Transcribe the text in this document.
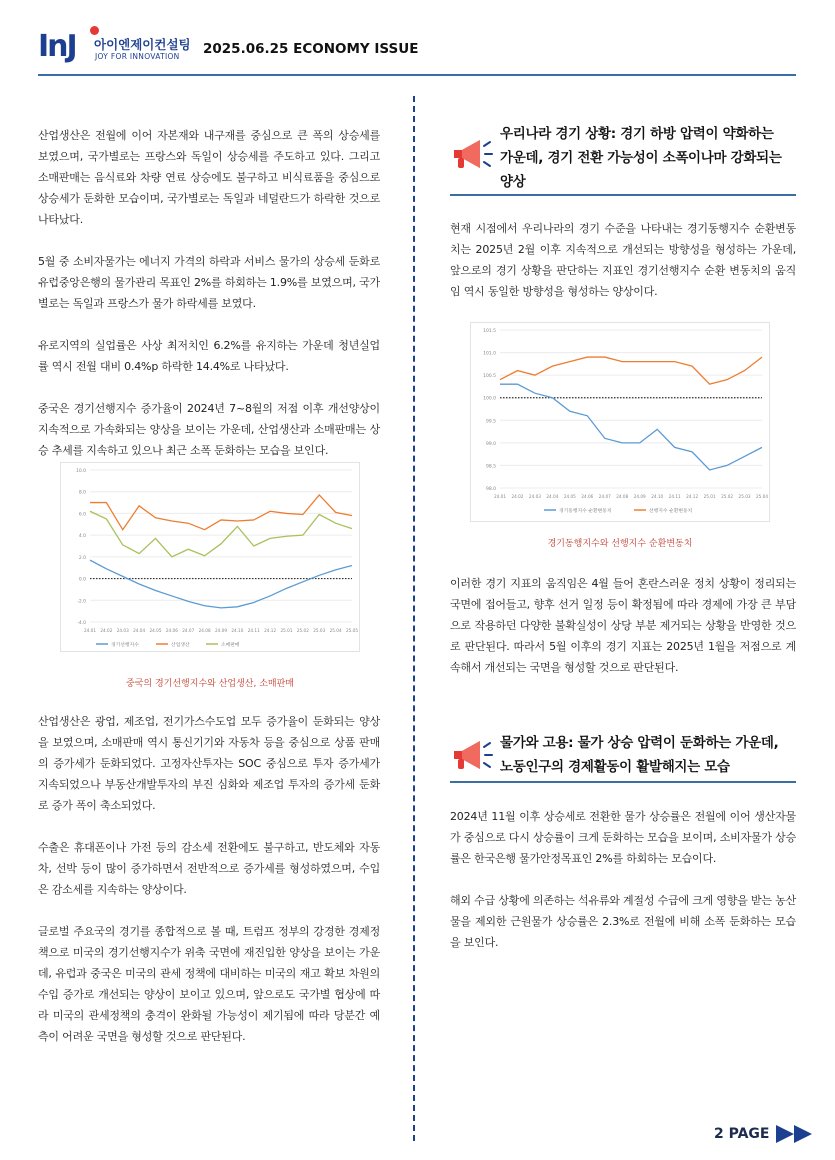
InJ 아이엔제이컨설팅
JOY FOR INNOVATION 2025.06.25 ECONOMY ISSUE

산업생산은 전월에 이어 자본재와 내구재를 중심으로 큰 폭의 상승세를 보였으며, 국가별로는 프랑스와 독일이 상승세를 주도하고 있다. 그리고 소매판매는 음식료와 차량 연료 상승에도 불구하고 비식료품을 중심으로 상승세가 둔화한 모습이며, 국가별로는 독일과 네덜란드가 하락한 것으로 나타났다.

5월 중 소비자물가는 에너지 가격의 하락과 서비스 물가의 상승세 둔화로 유럽중앙은행의 물가관리 목표인 2%를 하회하는 1.9%를 보였으며, 국가별로는 독일과 프랑스가 물가 하락세를 보였다.

유로지역의 실업률은 사상 최저치인 6.2%를 유지하는 가운데 청년실업률 역시 전월 대비 0.4%p 하락한 14.4%로 나타났다.

중국은 경기선행지수 증가율이 2024년 7~8월의 저점 이후 개선양상이 지속적으로 가속화되는 양상을 보이는 가운데, 산업생산과 소매판매는 상승 추세를 지속하고 있으나 최근 소폭 둔화하는 모습을 보인다.

10.0
8.0
6.0
4.0
2.0
0.0
-2.0
-4.0
24.01 24.02 24.03 24.04 24.05 24.06 24.07 24.08 24.09 24.10 24.11 24.12 25.01 25.02 25.03 25.04 25.05
경기선행지수	산업생산	소매판매
중국의 경기선행지수와 산업생산, 소매판매

산업생산은 광업, 제조업, 전기가스수도업 모두 증가율이 둔화되는 양상을 보였으며, 소매판매 역시 통신기기와 자동차 등을 중심으로 상품 판매의 증가세가 둔화되었다. 고정자산투자는 SOC 중심으로 투자 증가세가 지속되었으나 부동산개발투자의 부진 심화와 제조업 투자의 증가세 둔화로 증가 폭이 축소되었다.

수출은 휴대폰이나 가전 등의 감소세 전환에도 불구하고, 반도체와 자동차, 선박 등이 많이 증가하면서 전반적으로 증가세를 형성하였으며, 수입은 감소세를 지속하는 양상이다.

글로벌 주요국의 경기를 종합적으로 볼 때, 트럼프 정부의 강경한 경제정책으로 미국의 경기선행지수가 위축 국면에 재진입한 양상을 보이는 가운데, 유럽과 중국은 미국의 관세 정책에 대비하는 미국의 재고 확보 차원의 수입 증가로 개선되는 양상이 보이고 있으며, 앞으로도 국가별 협상에 따라 미국의 관세정책의 충격이 완화될 가능성이 제기됨에 따라 당분간 예측이 어려운 국면을 형성할 것으로 판단된다.

우리나라 경기 상황: 경기 하방 압력이 약화하는 가운데, 경기 전환 가능성이 소폭이나마 강화되는 양상

현재 시점에서 우리나라의 경기 수준을 나타내는 경기동행지수 순환변동치는 2025년 2월 이후 지속적으로 개선되는 방향성을 형성하는 가운데, 앞으로의 경기 상황을 판단하는 지표인 경기선행지수 순환 변동치의 움직임 역시 동일한 방향성을 형성하는 양상이다.

101.5
101.0
100.5
100.0
99.5
99.0
98.5
98.0
24.01 24.02 24.03 24.04 24.05 24.06 24.07 24.08 24.09 24.10 24.11 24.12 25.01 25.02 25.03 25.04
경기동행지수 순환변동치	선행지수 순환변동치
경기동행지수와 선행지수 순환변동치

이러한 경기 지표의 움직임은 4월 들어 혼란스러운 정치 상황이 정리되는 국면에 접어들고, 향후 선거 일정 등이 확정됨에 따라 경제에 가장 큰 부담으로 작용하던 다양한 불확실성이 상당 부분 제거되는 상황을 반영한 것으로 판단된다. 따라서 5월 이후의 경기 지표는 2025년 1월을 저점으로 계속해서 개선되는 국면을 형성할 것으로 판단된다.

물가와 고용: 물가 상승 압력이 둔화하는 가운데, 노동인구의 경제활동이 활발해지는 모습

2024년 11월 이후 상승세로 전환한 물가 상승률은 전월에 이어 생산자물가 중심으로 다시 상승률이 크게 둔화하는 모습을 보이며, 소비자물가 상승률은 한국은행 물가안정목표인 2%를 하회하는 모습이다.

해외 수급 상황에 의존하는 석유류와 계절성 수급에 크게 영향을 받는 농산물을 제외한 근원물가 상승률은 2.3%로 전월에 비해 소폭 둔화하는 모습을 보인다.

2 PAGE
